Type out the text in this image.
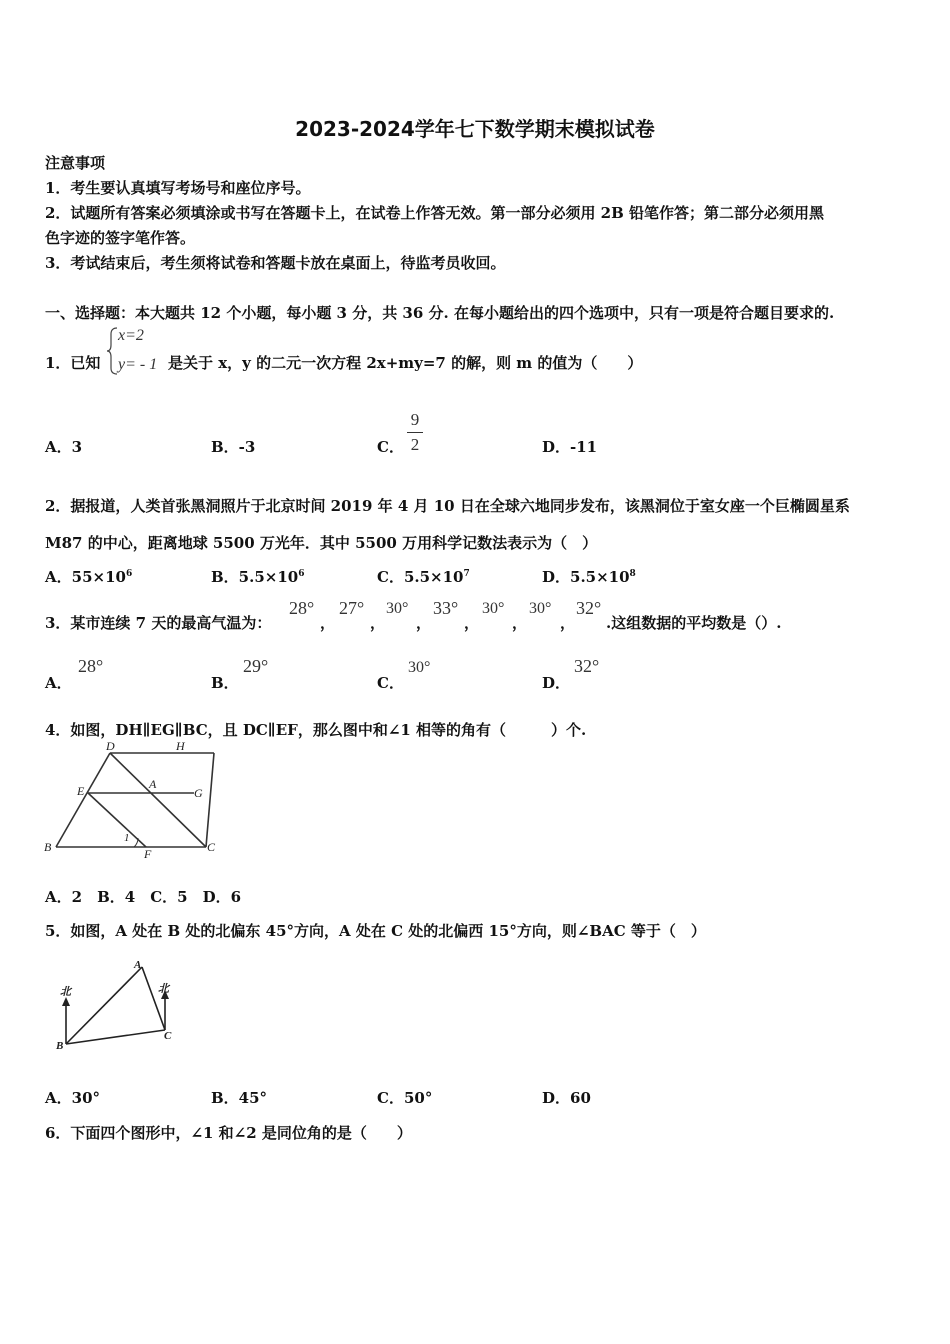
2023-2024学年七下数学期末模拟试卷
注意事项
1．考生要认真填写考场号和座位序号。
2．试题所有答案必须填涂或书写在答题卡上，在试卷上作答无效。第一部分必须用 2B 铅笔作答；第二部分必须用黑
色字迹的签字笔作答。
3．考试结束后，考生须将试卷和答题卡放在桌面上，待监考员收回。
一、选择题：本大题共 12 个小题，每小题 3 分，共 36 分. 在每小题给出的四个选项中，只有一项是符合题目要求的.
1．已知
x=2
y= - 1 是关于 x，y 的二元一次方程 2x+my=7 的解，则 m 的值为（　　）
A．3	B．-3	C．
9
2	D．-11
2．据报道，人类首张黑洞照片于北京时间 2019 年 4 月 10 日在全球六地同步发布，该黑洞位于室女座一个巨椭圆星系
M87 的中心，距离地球 5500 万光年．其中 5500 万用科学记数法表示为（　）
A．$55\times 10^6$	B．$5.5\times 10^6$	C．$5.5\times 10^7$	D．$5.5\times 10^8$
3．某市连续 7 天的最高气温为：
28°
，
27°
，
30°
，
33°
，
30°
，
30°
，
32°
.这组数据的平均数是（）.
A．
28°
B．
29°
C．
30°
D．
32°
4．如图，DH∥EG∥BC，且 DC∥EF，那么图中和∠1 相等的角有（　　　）个.
D	H
E	A
G
B
1
F	C
A．2　B．4　C．5　D．6
5．如图，A 处在 B 处的北偏东 45°方向，A 处在 C 处的北偏西 15°方向，则∠BAC 等于（　）
A
北	北
B
C
A．30°	B．45°	C．50°	D．60
6．下面四个图形中，∠1 和∠2 是同位角的是（　　）
